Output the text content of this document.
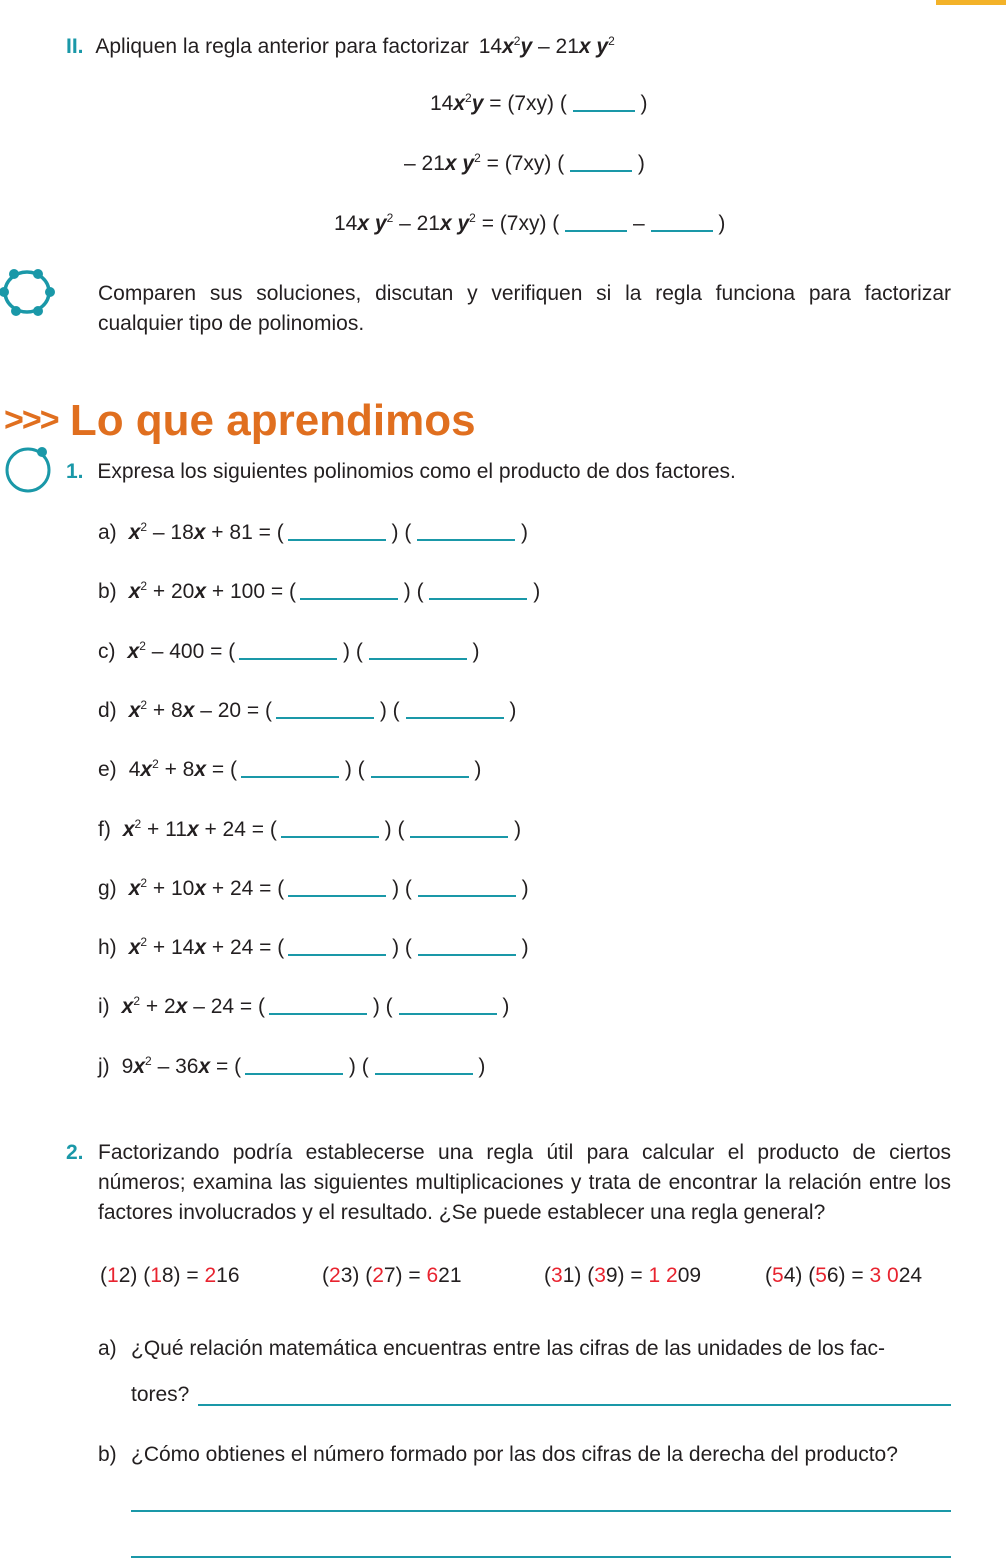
II. Apliquen la regla anterior para factorizar $14x^2y - 21x$ $y^2$
$14x^2y = (7xy)$ (	)
– 21x $y^2 = (7xy)$ (	)
14x $y^2 - 21x$ $y^2 = (7xy)$ (	–	)
Comparen sus soluciones, discutan y verifiquen si la regla funciona para factorizar cualquier tipo de polinomios.
>>> Lo que aprendimos
1. Expresa los siguientes polinomios como el producto de dos factores.
a) $x^2 - 18x + 81$ = (	) (	)
b) $x^2 + 20x + 100$ = (	) (	)
c) $x^2 - 400$ = (	) (	)
d) $x^2 + 8x - 20$ = (	) (	)
e) $4x^2 + 8x$ = (	) (	)
f) $x^2 + 11x + 24$ = (	) (	)
g) $x^2 + 10x + 24$ = (	) (	)
h) $x^2 + 14x + 24$ = (	) (	)
i) $x^2 + 2x - 24$ = (	) (	)
j) $9x^2 - 36x$ = (	) (	)
2. Factorizando podría establecerse una regla útil para calcular el producto de ciertos números; examina las siguientes multiplicaciones y trata de encontrar la relación entre los factores involucrados y el resultado. ¿Se puede establecer una regla general?
(12) (18) = 216	(23) (27) = 621	(31) (39) = 1 209	(54) (56) = 3 024
a) ¿Qué relación matemática encuentras entre las cifras de las unidades de los fac-
tores?
b) ¿Cómo obtienes el número formado por las dos cifras de la derecha del producto?
